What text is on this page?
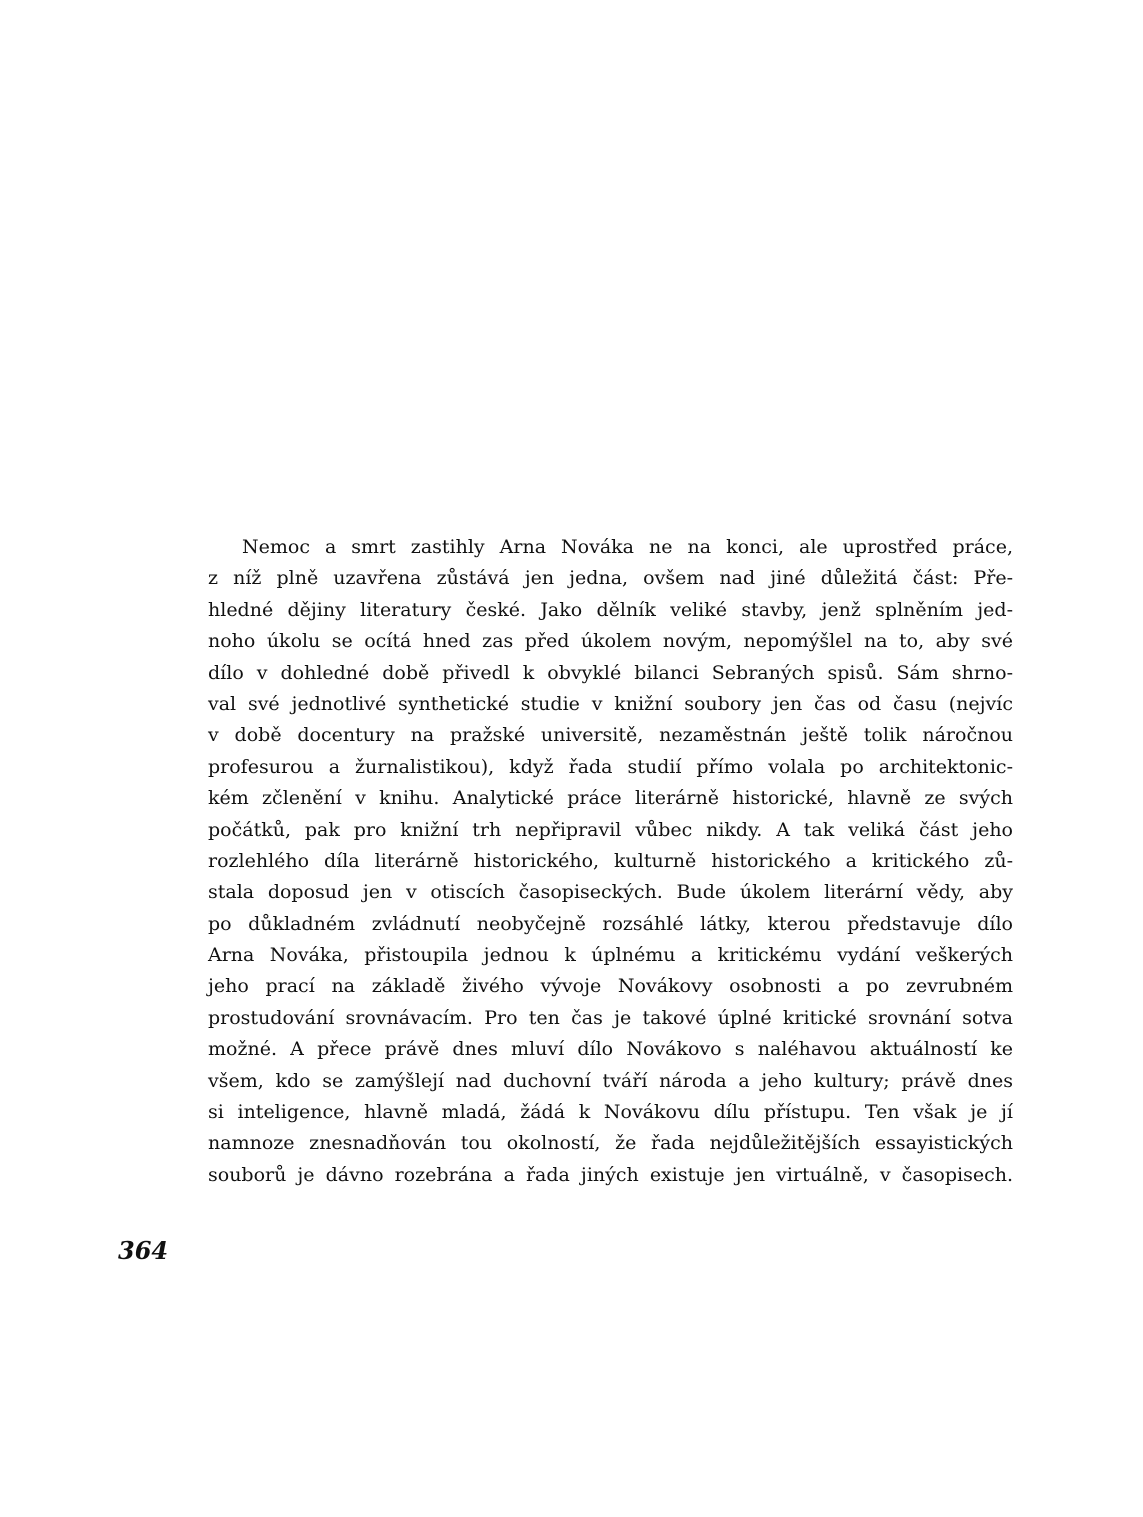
Nemoc a smrt zastihly Arna Nováka ne na konci, ale uprostřed práce,
z níž plně uzavřena zůstává jen jedna, ovšem nad jiné důležitá část: Pře-
hledné dějiny literatury české. Jako dělník veliké stavby, jenž splněním jed-
noho úkolu se ocítá hned zas před úkolem novým, nepomýšlel na to, aby své
dílo v dohledné době přivedl k obvyklé bilanci Sebraných spisů. Sám shrno-
val své jednotlivé synthetické studie v knižní soubory jen čas od času (nejvíc
v době docentury na pražské universitě, nezaměstnán ještě tolik náročnou
profesurou a žurnalistikou), když řada studií přímo volala po architektonic-
kém zčlenění v knihu. Analytické práce literárně historické, hlavně ze svých
počátků, pak pro knižní trh nepřipravil vůbec nikdy. A tak veliká část jeho
rozlehlého díla literárně historického, kulturně historického a kritického zů-
stala doposud jen v otiscích časopiseckých. Bude úkolem literární vědy, aby
po důkladném zvládnutí neobyčejně rozsáhlé látky, kterou představuje dílo
Arna Nováka, přistoupila jednou k úplnému a kritickému vydání veškerých
jeho prací na základě živého vývoje Novákovy osobnosti a po zevrubném
prostudování srovnávacím. Pro ten čas je takové úplné kritické srovnání sotva
možné. A přece právě dnes mluví dílo Novákovo s naléhavou aktuálností ke
všem, kdo se zamýšlejí nad duchovní tváří národa a jeho kultury; právě dnes
si inteligence, hlavně mladá, žádá k Novákovu dílu přístupu. Ten však je jí
namnoze znesnadňován tou okolností, že řada nejdůležitějších essayistických
souborů je dávno rozebrána a řada jiných existuje jen virtuálně, v časopisech.
364
